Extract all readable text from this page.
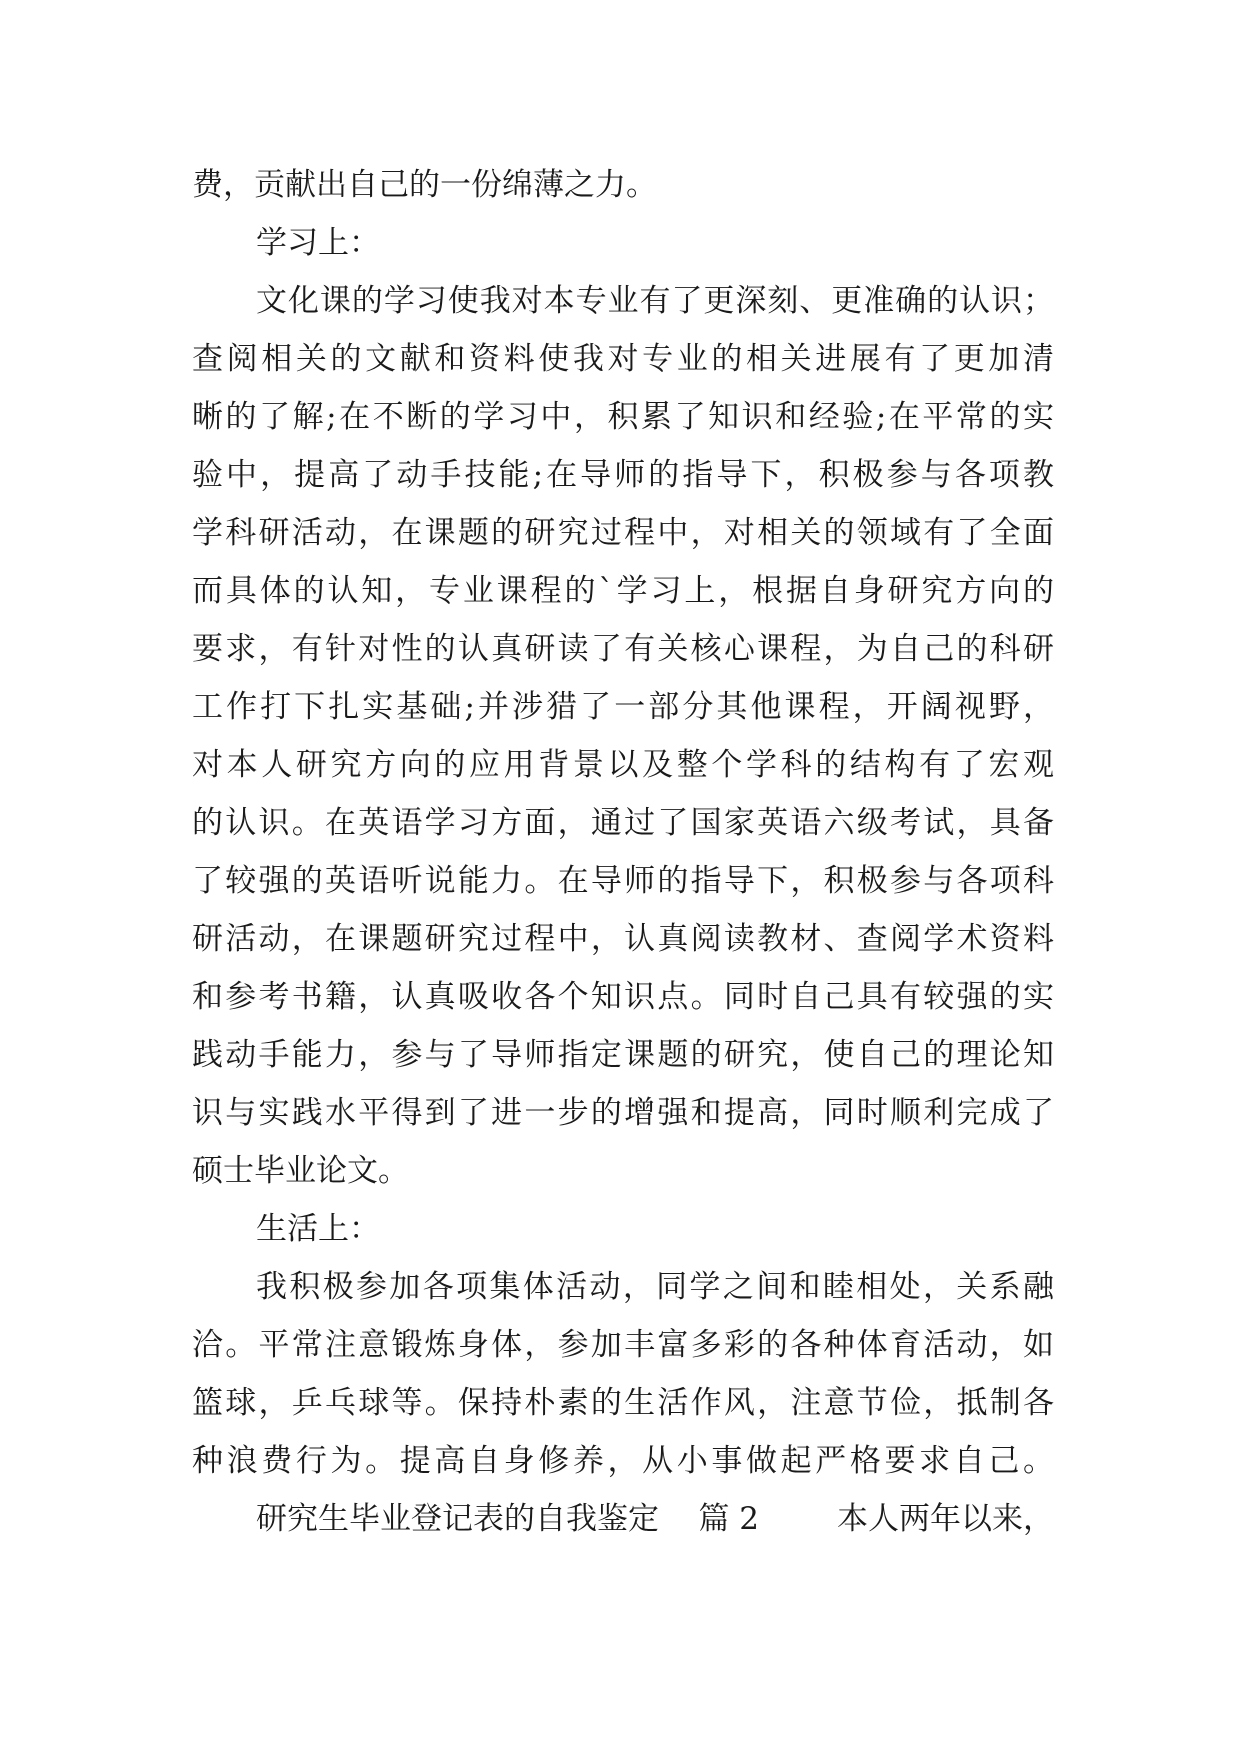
费，贡献出自己的一份绵薄之力。
学习上：
文化课的学习使我对本专业有了更深刻、更准确的认识；
查阅相关的文献和资料使我对专业的相关进展有了更加清
晰的了解;在不断的学习中，积累了知识和经验;在平常的实
验中，提高了动手技能;在导师的指导下，积极参与各项教
学科研活动，在课题的研究过程中，对相关的领域有了全面
而具体的认知，专业课程的`学习上，根据自身研究方向的
要求，有针对性的认真研读了有关核心课程，为自己的科研
工作打下扎实基础;并涉猎了一部分其他课程，开阔视野，
对本人研究方向的应用背景以及整个学科的结构有了宏观
的认识。在英语学习方面，通过了国家英语六级考试，具备
了较强的英语听说能力。在导师的指导下，积极参与各项科
研活动，在课题研究过程中，认真阅读教材、查阅学术资料
和参考书籍，认真吸收各个知识点。同时自己具有较强的实
践动手能力，参与了导师指定课题的研究，使自己的理论知
识与实践水平得到了进一步的增强和提高，同时顺利完成了
硕士毕业论文。
生活上：
我积极参加各项集体活动，同学之间和睦相处，关系融
洽。平常注意锻炼身体，参加丰富多彩的各种体育活动，如
篮球，乒乓球等。保持朴素的生活作风，注意节俭，抵制各
种浪费行为。提高自身修养，从小事做起严格要求自己。
研究生毕业登记表的自我鉴定 篇 2	本人两年以来，
